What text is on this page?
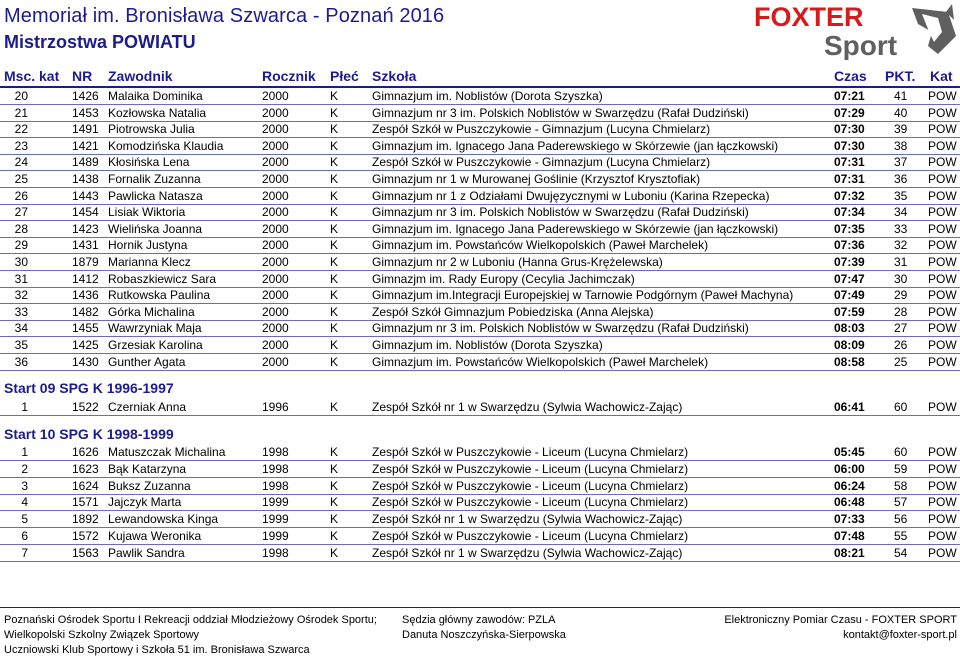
Memoriał im. Bronisława Szwarca - Poznań 2016
Mistrzostwa POWIATU
FOXTER
Sport
Msc. kat NR Zawodnik	Rocznik Płeć Szkoła	Czas PKT. Kat
20	1426 Malaika Dominika	2000	K	Gimnazjum im. Noblistów (Dorota Szyszka)	07:21 41 POW
21	1453 Kozłowska Natalia	2000	K	Gimnazjum nr 3 im. Polskich Noblistów w Swarzędzu (Rafał Dudziński)	07:29 40 POW
22	1491 Piotrowska Julia	2000	K	Zespół Szkół w Puszczykowie - Gimnazjum (Lucyna Chmielarz)	07:30 39 POW
23	1421 Komodzińska Klaudia	2000	K	Gimnazjum im. Ignacego Jana Paderewskiego w Skórzewie (jan łączkowski)	07:30 38 POW
24	1489 Kłosińska Lena	2000	K	Zespół Szkół w Puszczykowie - Gimnazjum (Lucyna Chmielarz)	07:31 37 POW
25	1438 Fornalik Zuzanna	2000	K	Gimnazjum nr 1 w Murowanej Goślinie (Krzysztof Krysztofiak)	07:31 36 POW
26	1443 Pawlicka Natasza	2000	K	Gimnazjum nr 1 z Odziałami Dwujęzycznymi w Luboniu (Karina Rzepecka)	07:32 35 POW
27	1454 Lisiak Wiktoria	2000	K	Gimnazjum nr 3 im. Polskich Noblistów w Swarzędzu (Rafał Dudziński)	07:34 34 POW
28	1423 Wielińska Joanna	2000	K	Gimnazjum im. Ignacego Jana Paderewskiego w Skórzewie (jan łączkowski)	07:35 33 POW
29	1431 Hornik Justyna	2000	K	Gimnazjum im. Powstańców Wielkopolskich (Paweł Marchelek)	07:36 32 POW
30	1879 Marianna Klecz	2000	K	Gimnazjum nr 2 w Luboniu (Hanna Grus-Krężelewska)	07:39 31 POW
31	1412 Robaszkiewicz Sara	2000	K	Gimnazjm im. Rady Europy (Cecylia Jachimczak)	07:47 30 POW
32	1436 Rutkowska Paulina	2000	K	Gimnazjum im.Integracji Europejskiej w Tarnowie Podgórnym (Paweł Machyna)	07:49 29 POW
33	1482 Górka Michalina	2000	K	Zespół Szkół Gimnazjum Pobiedziska (Anna Alejska)	07:59 28 POW
34	1455 Wawrzyniak Maja	2000	K	Gimnazjum nr 3 im. Polskich Noblistów w Swarzędzu (Rafał Dudziński)	08:03 27 POW
35	1425 Grzesiak Karolina	2000	K	Gimnazjum im. Noblistów (Dorota Szyszka)	08:09 26 POW
36	1430 Gunther Agata	2000	K	Gimnazjum im. Powstańców Wielkopolskich (Paweł Marchelek)	08:58 25 POW
1	1522 Czerniak Anna	1996	K	Zespół Szkół nr 1 w Swarzędzu (Sylwia Wachowicz-Zając)	06:41 60 POW
1	1626 Matuszczak Michalina	1998	K	Zespół Szkół w Puszczykowie - Liceum (Lucyna Chmielarz)	05:45 60 POW
2	1623 Bąk Katarzyna	1998	K	Zespół Szkół w Puszczykowie - Liceum (Lucyna Chmielarz)	06:00 59 POW
3	1624 Buksz Zuzanna	1998	K	Zespół Szkół w Puszczykowie - Liceum (Lucyna Chmielarz)	06:24 58 POW
4	1571 Jajczyk Marta	1999	K	Zespół Szkół w Puszczykowie - Liceum (Lucyna Chmielarz)	06:48 57 POW
5	1892 Lewandowska Kinga	1999	K	Zespół Szkół nr 1 w Swarzędzu (Sylwia Wachowicz-Zając)	07:33 56 POW
6	1572 Kujawa Weronika	1999	K	Zespół Szkół w Puszczykowie - Liceum (Lucyna Chmielarz)	07:48 55 POW
7	1563 Pawlik Sandra	1998	K	Zespół Szkół nr 1 w Swarzędzu (Sylwia Wachowicz-Zając)	08:21 54 POW
Start 09 SPG K 1996-1997
Start 10 SPG K 1998-1999
Poznański Ośrodek Sportu I Rekreacji oddział Młodzieżowy Ośrodek Sportu;
Wielkopolski Szkolny Związek Sportowy
Uczniowski Klub Sportowy i Szkoła 51 im. Bronisława Szwarca
Sędzia główny zawodów: PZLA
Danuta Noszczyńska-Sierpowska
Elektroniczny Pomiar Czasu - FOXTER SPORT
kontakt@foxter-sport.pl
